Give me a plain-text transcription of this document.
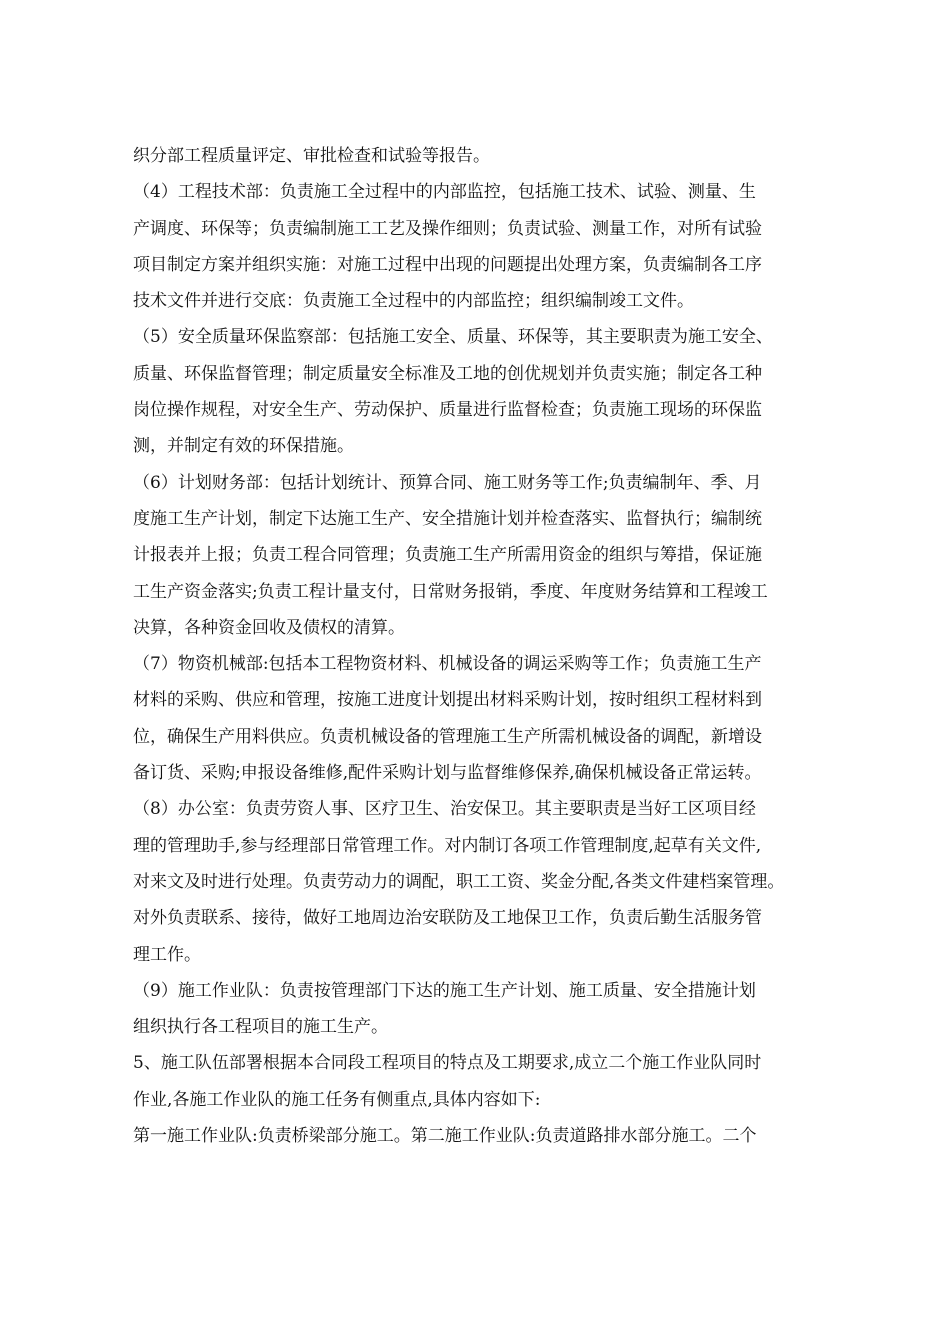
织分部工程质量评定、审批检查和试验等报告。
（4）工程技术部：负责施工全过程中的内部监控，包括施工技术、试验、测量、生
产调度、环保等；负责编制施工工艺及操作细则；负责试验、测量工作，对所有试验
项目制定方案并组织实施：对施工过程中出现的问题提出处理方案，负责编制各工序
技术文件并进行交底：负责施工全过程中的内部监控；组织编制竣工文件。
（5）安全质量环保监察部：包括施工安全、质量、环保等，其主要职责为施工安全、
质量、环保监督管理；制定质量安全标准及工地的创优规划并负责实施；制定各工种
岗位操作规程，对安全生产、劳动保护、质量进行监督检查；负责施工现场的环保监
测，并制定有效的环保措施。
（6）计划财务部：包括计划统计、预算合同、施工财务等工作;负责编制年、季、月
度施工生产计划，制定下达施工生产、安全措施计划并检查落实、监督执行；编制统
计报表并上报；负责工程合同管理；负责施工生产所需用资金的组织与筹措，保证施
工生产资金落实;负责工程计量支付，日常财务报销，季度、年度财务结算和工程竣工
决算，各种资金回收及债权的清算。
（7）物资机械部:包括本工程物资材料、机械设备的调运采购等工作；负责施工生产
材料的采购、供应和管理，按施工进度计划提出材料采购计划，按时组织工程材料到
位，确保生产用料供应。负责机械设备的管理施工生产所需机械设备的调配，新增设
备订货、采购;申报设备维修,配件采购计划与监督维修保养,确保机械设备正常运转。
（8）办公室：负责劳资人事、区疗卫生、治安保卫。其主要职责是当好工区项目经
理的管理助手,参与经理部日常管理工作。对内制订各项工作管理制度,起草有关文件,
对来文及时进行处理。负责劳动力的调配，职工工资、奖金分配,各类文件建档案管理。
对外负责联系、接待，做好工地周边治安联防及工地保卫工作，负责后勤生活服务管
理工作。
（9）施工作业队：负责按管理部门下达的施工生产计划、施工质量、安全措施计划
组织执行各工程项目的施工生产。
5、施工队伍部署根据本合同段工程项目的特点及工期要求,成立二个施工作业队同时
作业,各施工作业队的施工任务有侧重点,具体内容如下:
第一施工作业队:负责桥梁部分施工。第二施工作业队:负责道路排水部分施工。二个
